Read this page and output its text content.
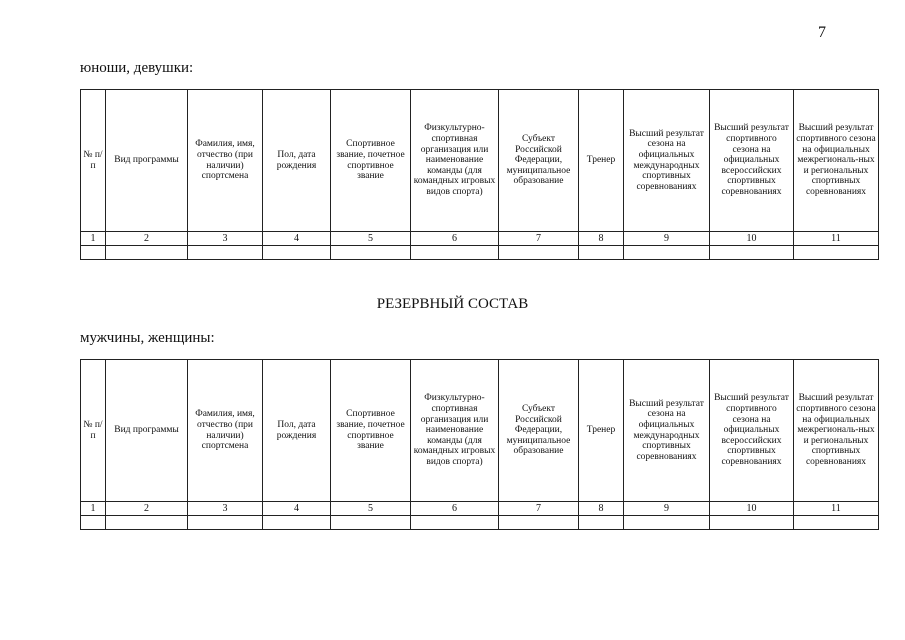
7
юноши, девушки:
№ п/п	Вид программы	Фамилия, имя, отчество (при наличии) спортсмена	Пол, дата рождения	Спортивное звание, почетное спортивное звание	Физкультурно-спортивная организация или наименование команды (для командных игровых видов спорта)	Субъект Российской Федерации, муниципальное образование	Тренер	Высший результат сезона на официальных международных спортивных соревнованиях	Высший результат спортивного сезона на официальных всероссийских спортивных соревнованиях	Высший результат спортивного сезона на официальных межрегиональ-ных и региональных спортивных соревнованиях
1	2	3	4	5	6	7	8	9	10	11

РЕЗЕРВНЫЙ СОСТАВ
мужчины, женщины:
№ п/п	Вид программы	Фамилия, имя, отчество (при наличии) спортсмена	Пол, дата рождения	Спортивное звание, почетное спортивное звание	Физкультурно-спортивная организация или наименование команды (для командных игровых видов спорта)	Субъект Российской Федерации, муниципальное образование	Тренер	Высший результат сезона на официальных международных спортивных соревнованиях	Высший результат спортивного сезона на официальных всероссийских спортивных соревнованиях	Высший результат спортивного сезона на официальных межрегиональ-ных и региональных спортивных соревнованиях
1	2	3	4	5	6	7	8	9	10	11
